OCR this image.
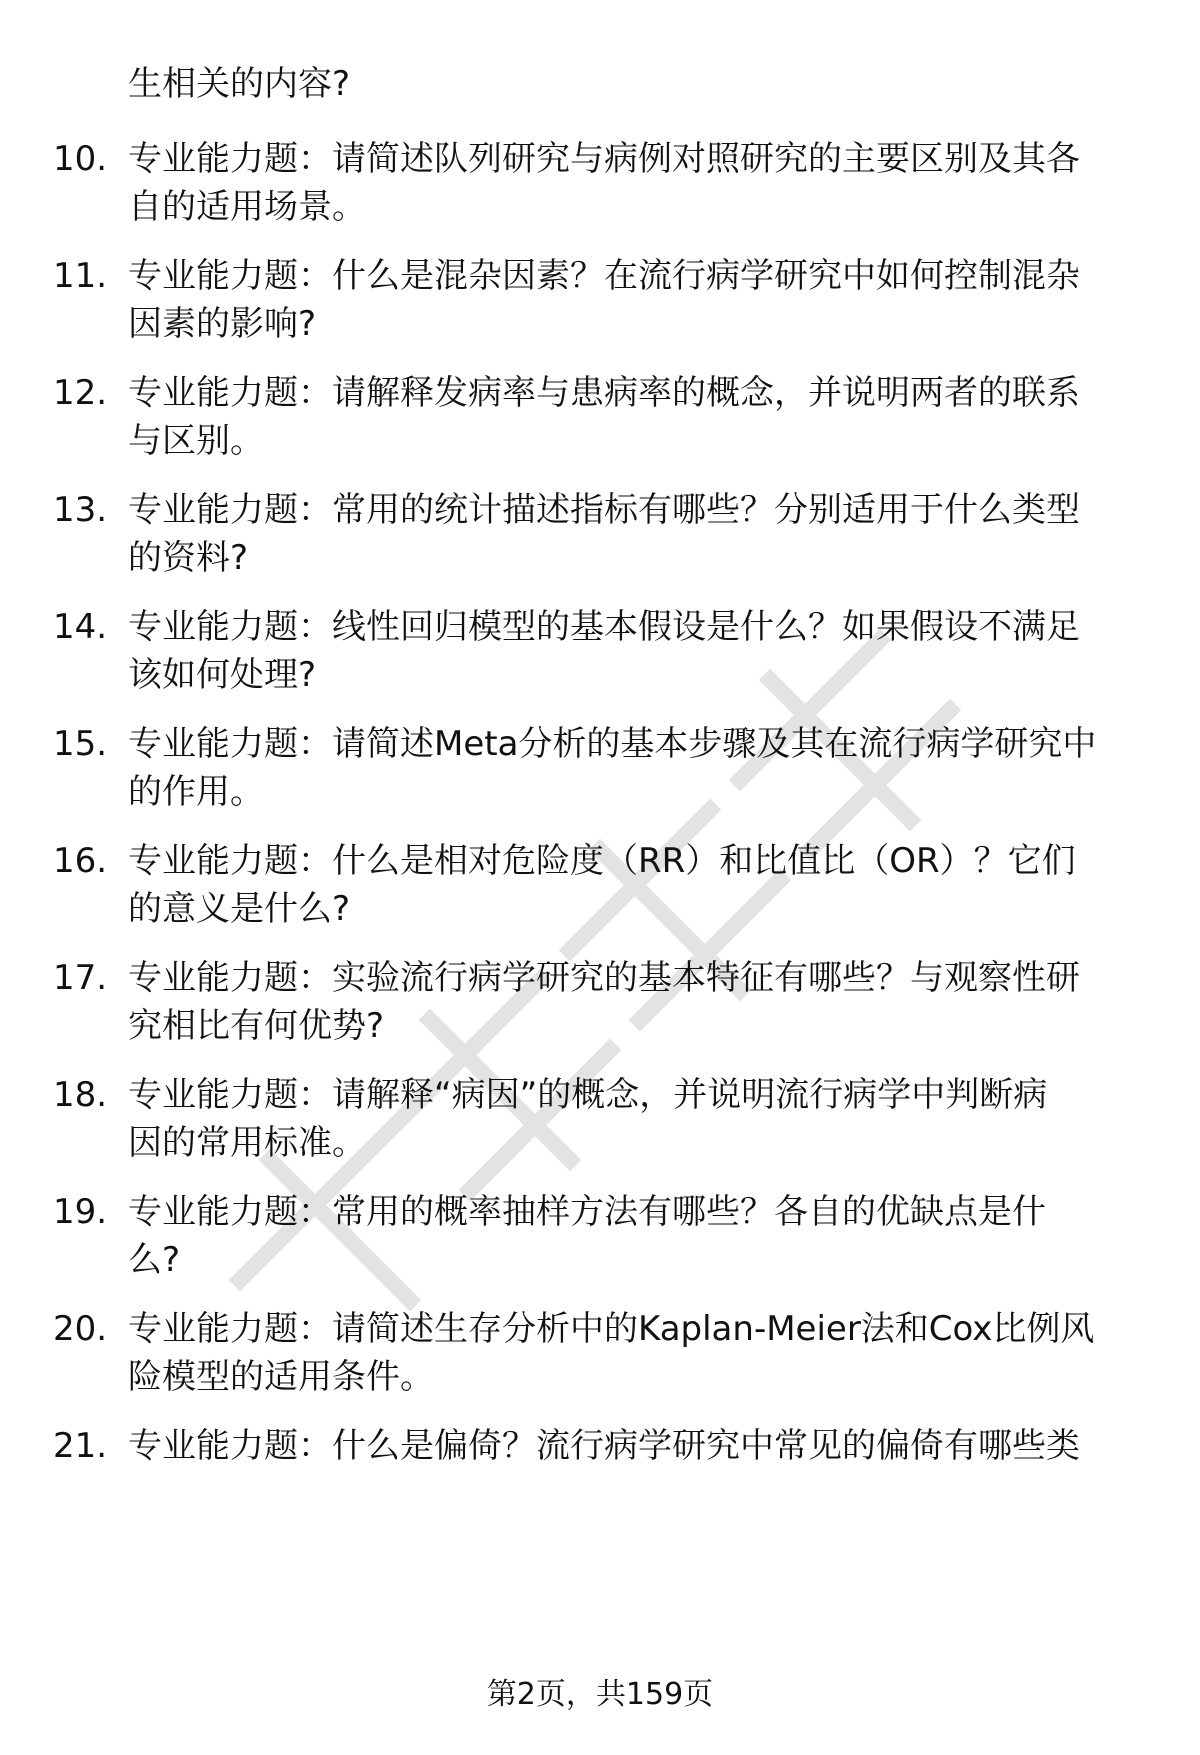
生相关的内容?
10. 专业能力题：请简述队列研究与病例对照研究的主要区别及其各
自的适用场景。
11. 专业能力题：什么是混杂因素？在流行病学研究中如何控制混杂
因素的影响?
12. 专业能力题：请解释发病率与患病率的概念，并说明两者的联系
与区别。
13. 专业能力题：常用的统计描述指标有哪些？分别适用于什么类型
的资料?
14. 专业能力题：线性回归模型的基本假设是什么？如果假设不满足
该如何处理?
15. 专业能力题：请简述Meta分析的基本步骤及其在流行病学研究中
的作用。
16. 专业能力题：什么是相对危险度（RR）和比值比（OR）？它们
的意义是什么?
17. 专业能力题：实验流行病学研究的基本特征有哪些？与观察性研
究相比有何优势?
18. 专业能力题：请解释“病因”的概念，并说明流行病学中判断病
因的常用标准。
19. 专业能力题：常用的概率抽样方法有哪些？各自的优缺点是什
么?
20. 专业能力题：请简述生存分析中的Kaplan-Meier法和Cox比例风
险模型的适用条件。
21. 专业能力题：什么是偏倚？流行病学研究中常见的偏倚有哪些类
第2页，共159页
